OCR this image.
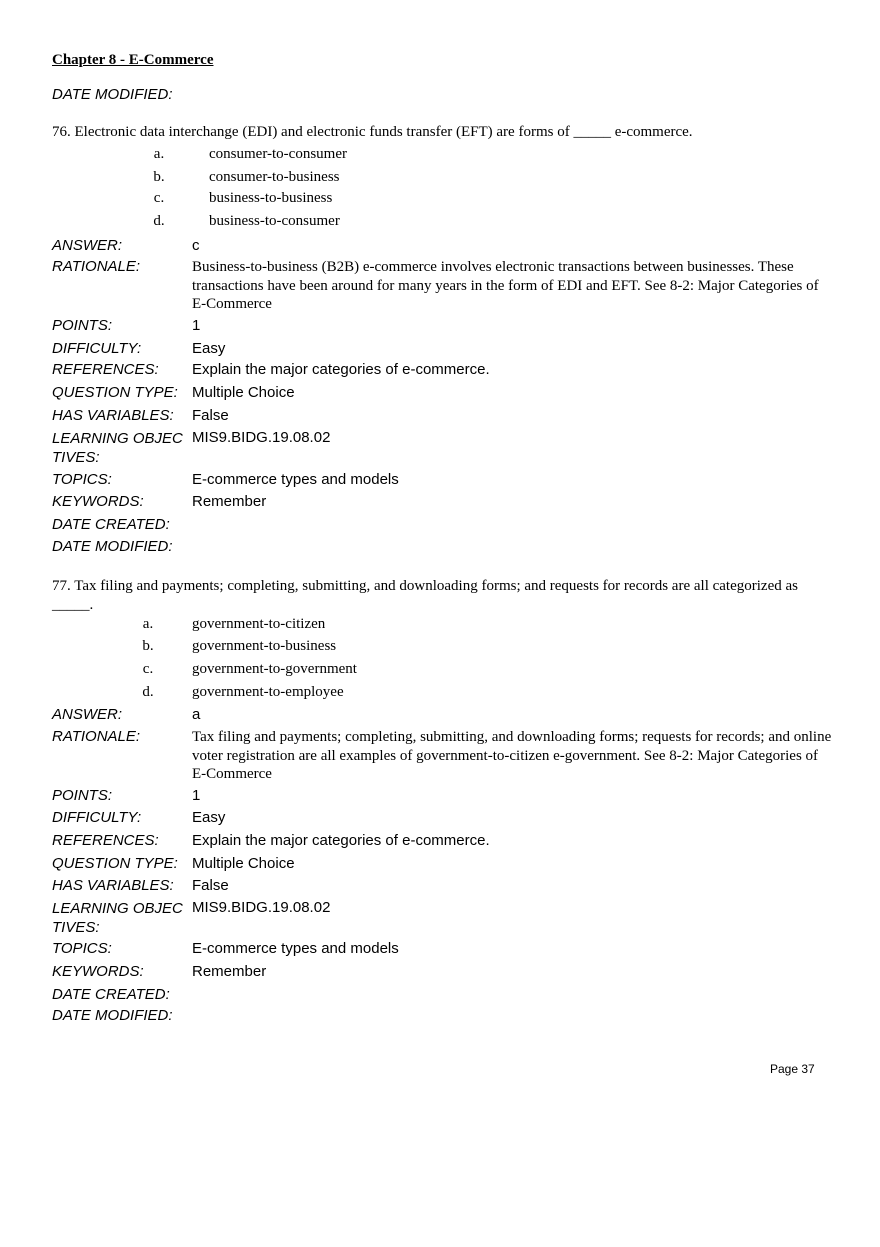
Chapter 8 - E-Commerce
DATE MODIFIED:
76. Electronic data interchange (EDI) and electronic funds transfer (EFT) are forms of _____ e-commerce.
a.	consumer-to-consumer
b.	consumer-to-business
c.	business-to-business
d.	business-to-consumer
ANSWER:	c
RATIONALE:	Business-to-business (B2B) e-commerce involves electronic transactions between businesses. These transactions have been around for many years in the form of EDI and EFT. See 8-2: Major Categories of E-Commerce
POINTS:	1
DIFFICULTY:	Easy
REFERENCES: Explain the major categories of e-commerce.
QUESTION TYPE: Multiple Choice
HAS VARIABLES: False
LEARNING OBJECTIVES:
MIS9.BIDG.19.08.02
TOPICS:	E-commerce types and models
KEYWORDS:	Remember
DATE CREATED:
DATE MODIFIED:
77. Tax filing and payments; completing, submitting, and downloading forms; and requests for records are all categorized as _____.
a.	government-to-citizen
b.	government-to-business
c.	government-to-government
d.	government-to-employee
ANSWER:	a
RATIONALE:	Tax filing and payments; completing, submitting, and downloading forms; requests for records; and online voter registration are all examples of government-to-citizen e-government. See 8-2: Major Categories of E-Commerce
POINTS:	1
DIFFICULTY:	Easy
REFERENCES: Explain the major categories of e-commerce.
QUESTION TYPE: Multiple Choice
HAS VARIABLES: False
LEARNING OBJECTIVES:
MIS9.BIDG.19.08.02
TOPICS:	E-commerce types and models
KEYWORDS:	Remember
DATE CREATED:
DATE MODIFIED:
Page 37
